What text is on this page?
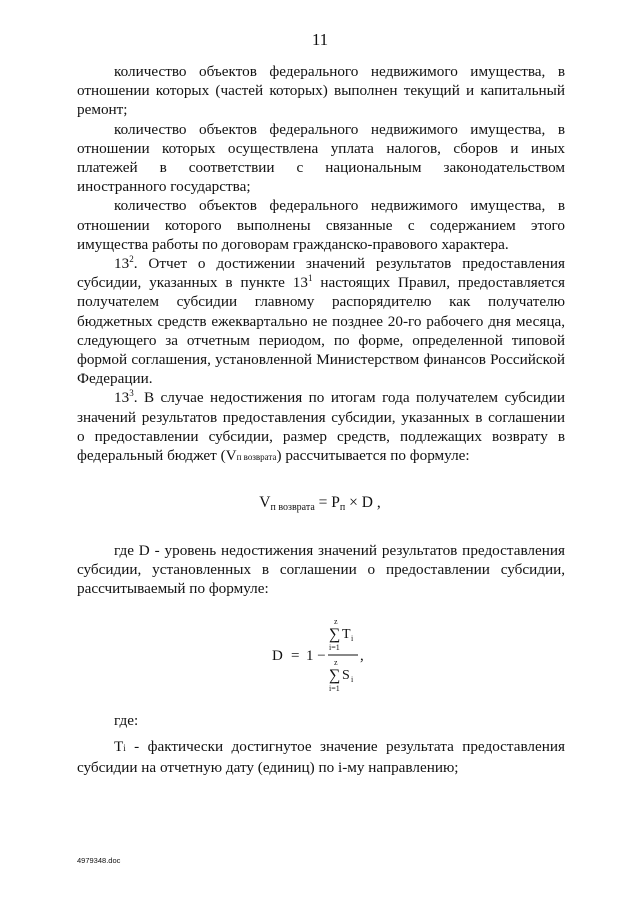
11

количество объектов федерального недвижимого имущества, в отношении которых (частей которых) выполнен текущий и капитальный ремонт;

количество объектов федерального недвижимого имущества, в отношении которых осуществлена уплата налогов, сборов и иных платежей в соответствии с национальным законодательством иностранного государства;

количество объектов федерального недвижимого имущества, в отношении которого выполнены связанные с содержанием этого имущества работы по договорам гражданско-правового характера.

$13^2$. Отчет о достижении значений результатов предоставления субсидии, указанных в пункте $13^1$ настоящих Правил, предоставляется получателем субсидии главному распорядителю как получателю бюджетных средств ежеквартально не позднее 20-го рабочего дня месяца, следующего за отчетным периодом, по форме, определенной типовой формой соглашения, установленной Министерством финансов Российской Федерации.

$13^3$. В случае недостижения по итогам года получателем субсидии значений результатов предоставления субсидии, указанных в соглашении о предоставлении субсидии, размер средств, подлежащих возврату в федеральный бюджет (Vп возврата) рассчитывается по формуле:

Vп возврата = Pп × D ,

где D - уровень недостижения значений результатов предоставления субсидии, установленных в соглашении о предоставлении субсидии, рассчитываемый по формуле:

D = 1 −
z
∑ T i
i=1
z
∑ S i
i=1
,
где:

Тi - фактически достигнутое значение результата предоставления субсидии на отчетную дату (единиц) по i-му направлению;

4979348.doc
